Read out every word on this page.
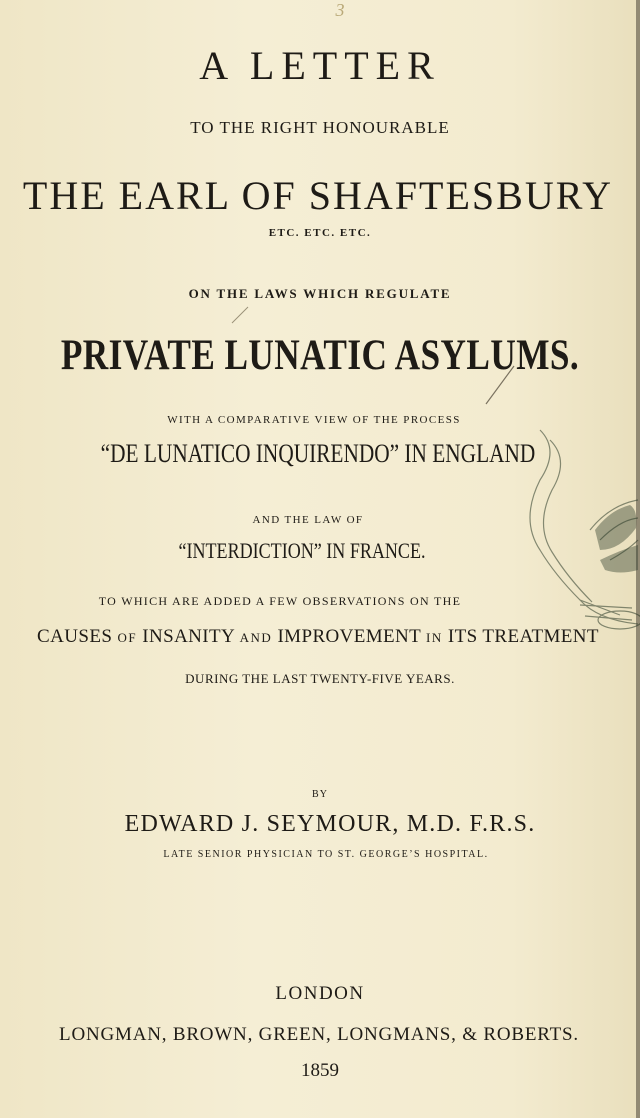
3
A LETTER
TO THE RIGHT HONOURABLE
THE EARL OF SHAFTESBURY
ETC. ETC. ETC.
ON THE LAWS WHICH REGULATE
PRIVATE LUNATIC ASYLUMS.
WITH A COMPARATIVE VIEW OF THE PROCESS
“DE LUNATICO INQUIRENDO” IN ENGLAND
AND THE LAW OF
“INTERDICTION” IN FRANCE.
TO WHICH ARE ADDED A FEW OBSERVATIONS ON THE
CAUSES OF INSANITY AND IMPROVEMENT IN ITS TREATMENT
DURING THE LAST TWENTY-FIVE YEARS.
BY
EDWARD J. SEYMOUR, M.D. F.R.S.
LATE SENIOR PHYSICIAN TO ST. GEORGE’S HOSPITAL.
LONDON
LONGMAN, BROWN, GREEN, LONGMANS, & ROBERTS.
1859
